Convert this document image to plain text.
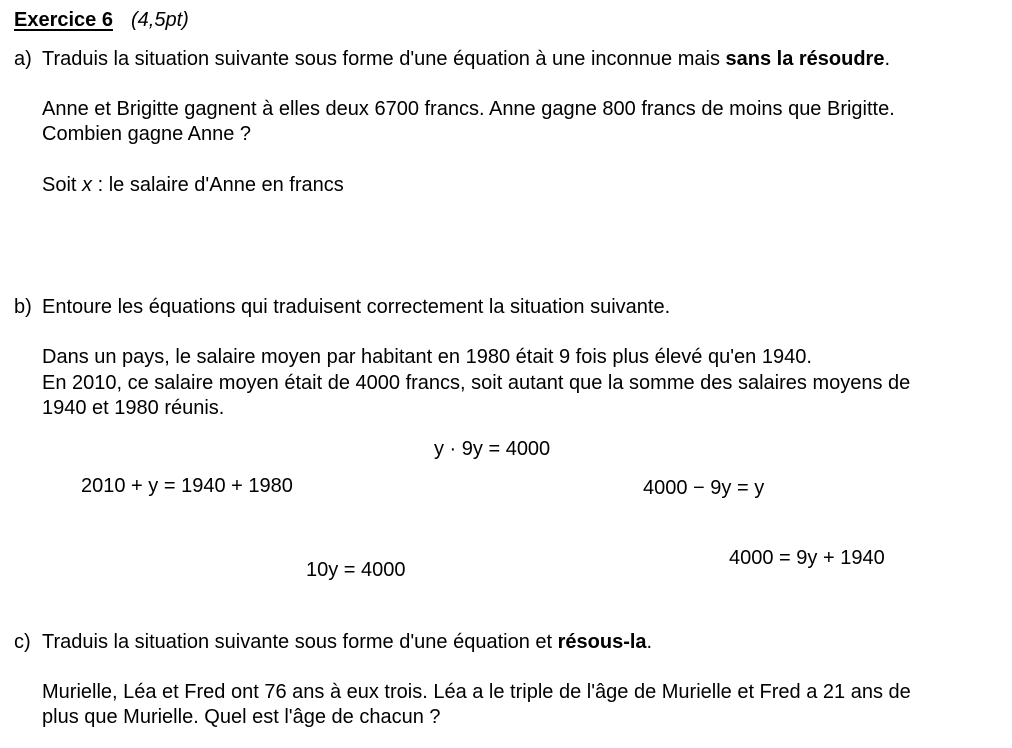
Exercice 6 (4,5pt)
a) Traduis la situation suivante sous forme d'une équation à une inconnue mais sans la résoudre.
Anne et Brigitte gagnent à elles deux 6700 francs. Anne gagne 800 francs de moins que Brigitte.
Combien gagne Anne ?
Soit x : le salaire d'Anne en francs
b) Entoure les équations qui traduisent correctement la situation suivante.
Dans un pays, le salaire moyen par habitant en 1980 était 9 fois plus élevé qu'en 1940.
En 2010, ce salaire moyen était de 4000 francs, soit autant que la somme des salaires moyens de
1940 et 1980 réunis.
y · 9y = 4000
2010 + y = 1940 + 1980	4000 − 9y = y
10y = 4000
4000 = 9y + 1940
c) Traduis la situation suivante sous forme d'une équation et résous-la.
Murielle, Léa et Fred ont 76 ans à eux trois. Léa a le triple de l'âge de Murielle et Fred a 21 ans de
plus que Murielle. Quel est l'âge de chacun ?
